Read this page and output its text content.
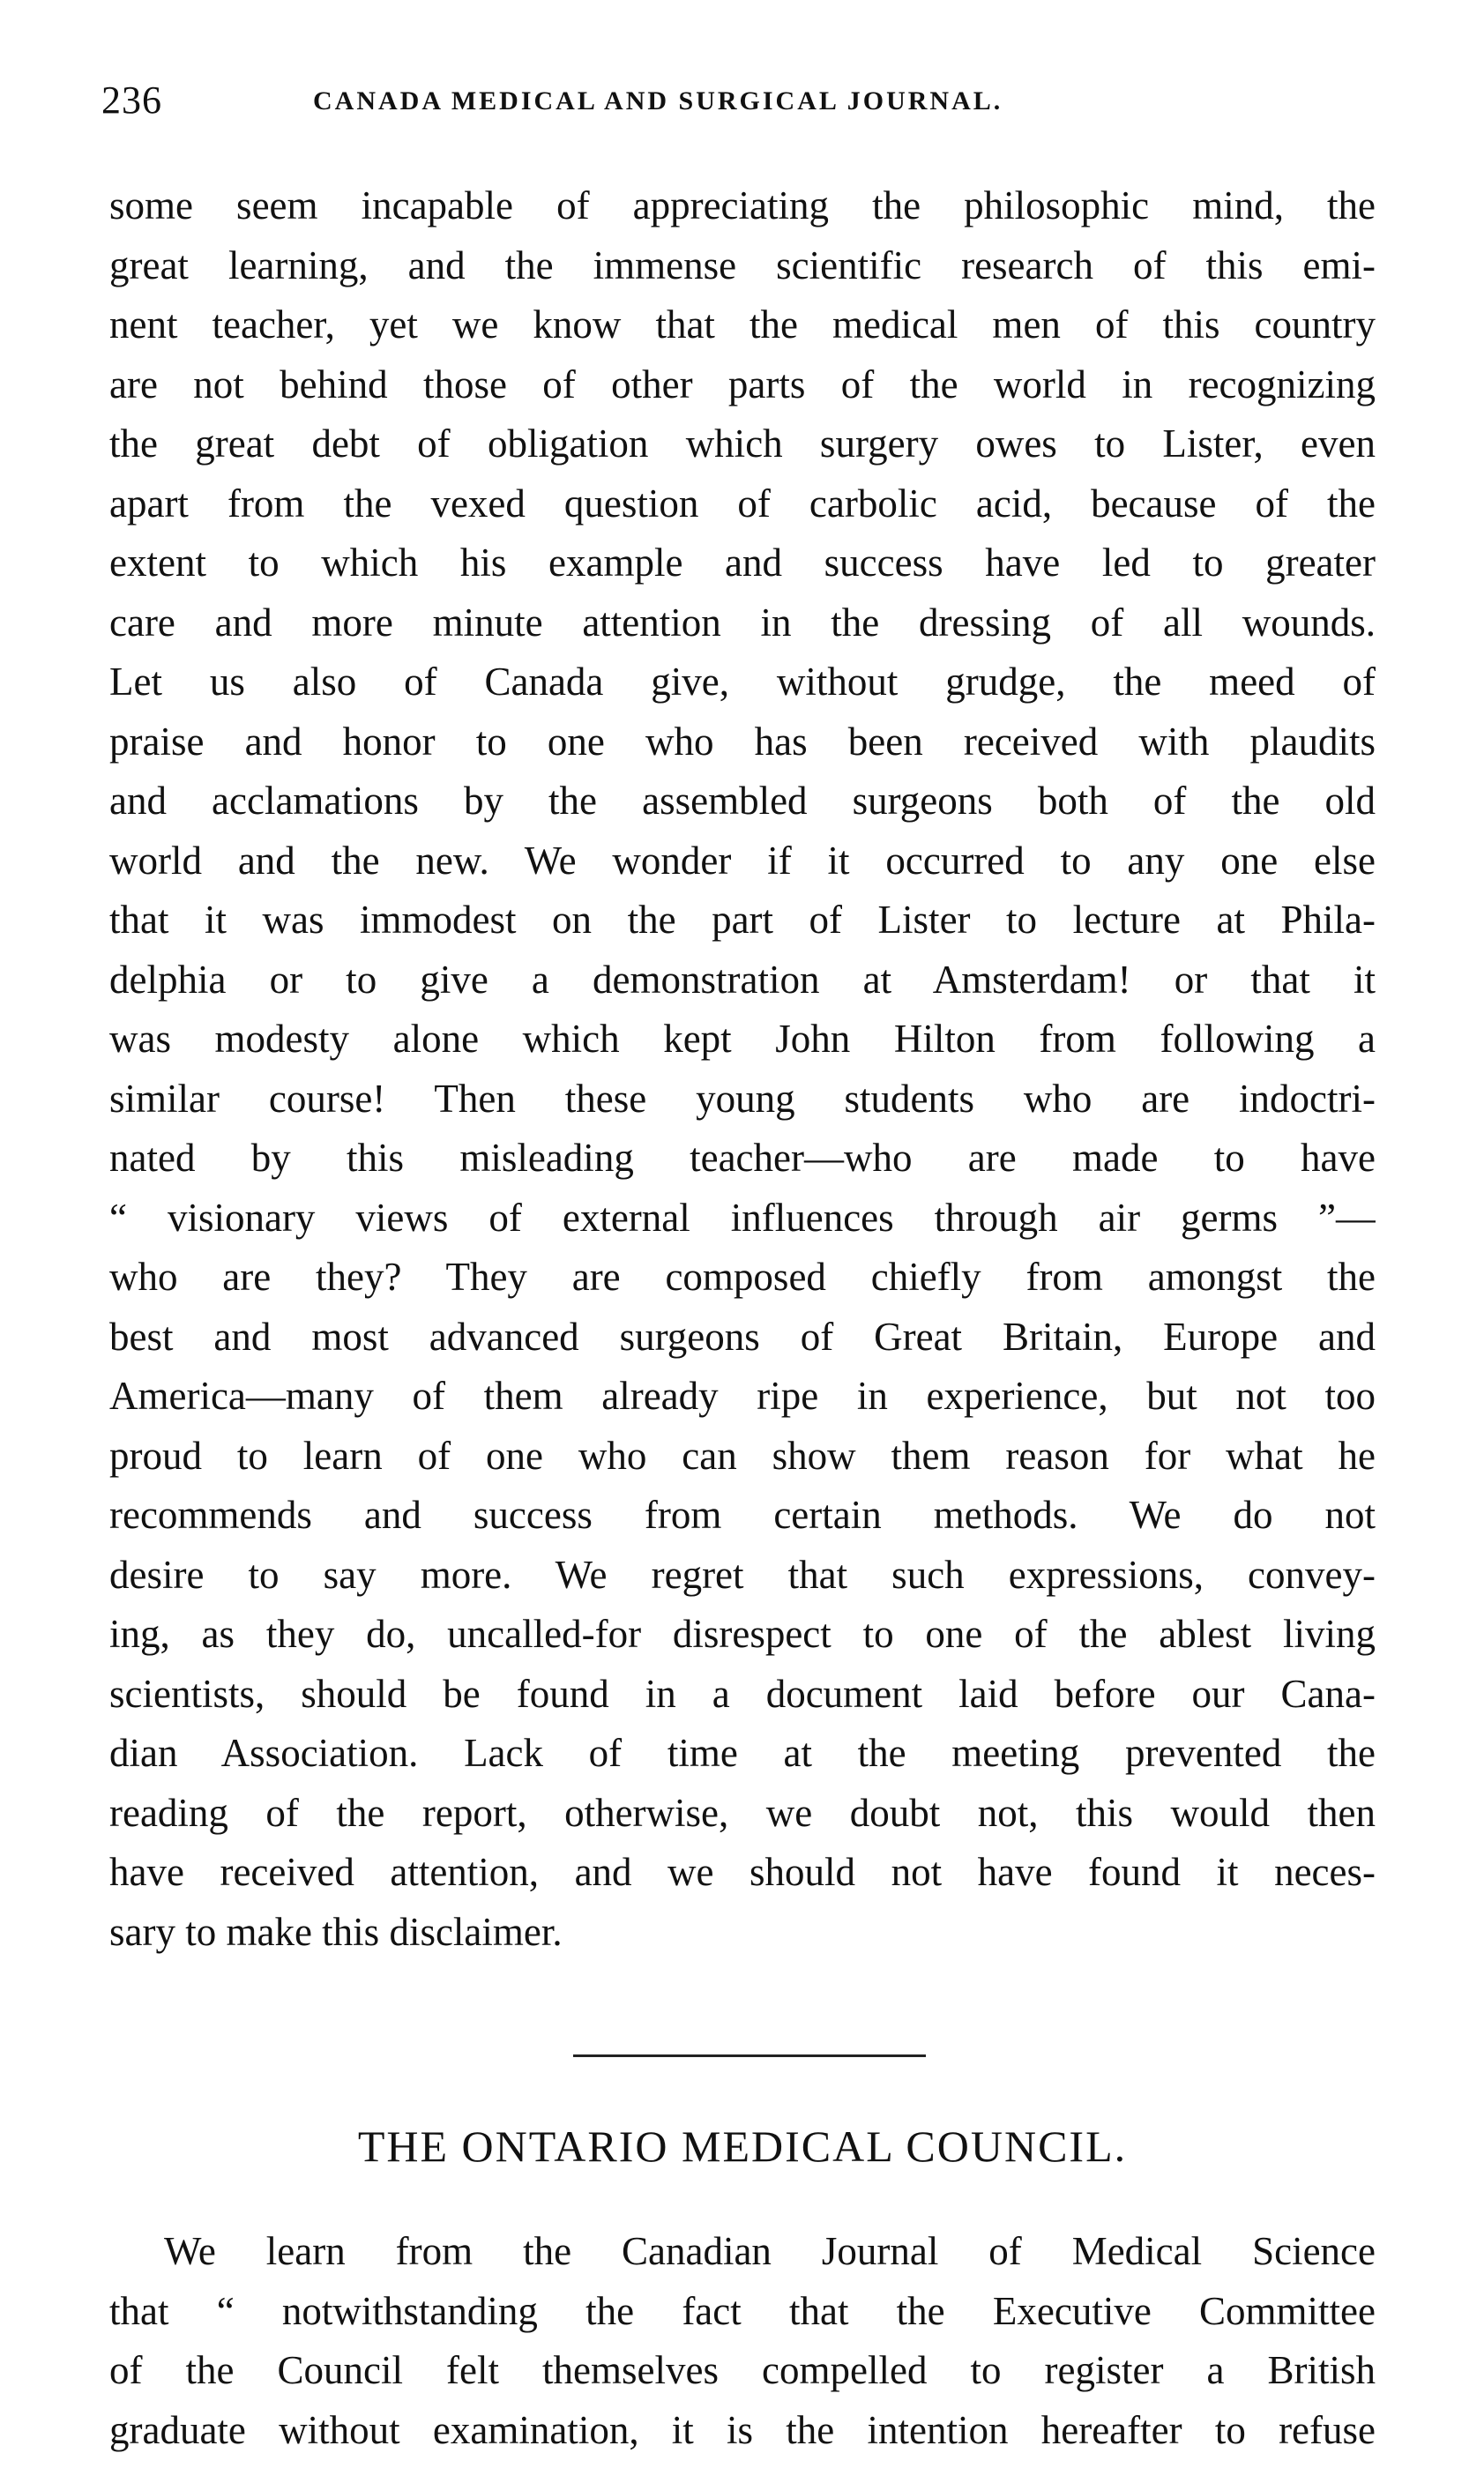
236	CANADA MEDICAL AND SURGICAL JOURNAL.
some seem incapable of appreciating the philosophic mind, the
great learning, and the immense scientific research of this emi-
nent teacher, yet we know that the medical men of this country
are not behind those of other parts of the world in recognizing
the great debt of obligation which surgery owes to Lister, even
apart from the vexed question of carbolic acid, because of the
extent to which his example and success have led to greater
care and more minute attention in the dressing of all wounds.
Let us also of Canada give, without grudge, the meed of
praise and honor to one who has been received with plaudits
and acclamations by the assembled surgeons both of the old
world and the new. We wonder if it occurred to any one else
that it was immodest on the part of Lister to lecture at Phila-
delphia or to give a demonstration at Amsterdam! or that it
was modesty alone which kept John Hilton from following a
similar course! Then these young students who are indoctri-
nated by this misleading teacher—who are made to have
“ visionary views of external influences through air germs ”—
who are they? They are composed chiefly from amongst the
best and most advanced surgeons of Great Britain, Europe and
America—many of them already ripe in experience, but not too
proud to learn of one who can show them reason for what he
recommends and success from certain methods. We do not
desire to say more. We regret that such expressions, convey-
ing, as they do, uncalled-for disrespect to one of the ablest living
scientists, should be found in a document laid before our Cana-
dian Association. Lack of time at the meeting prevented the
reading of the report, otherwise, we doubt not, this would then
have received attention, and we should not have found it neces-
sary to make this disclaimer.
THE ONTARIO MEDICAL COUNCIL.
We learn from the Canadian Journal of Medical Science
that “ notwithstanding the fact that the Executive Committee
of the Council felt themselves compelled to register a British
graduate without examination, it is the intention hereafter to refuse
